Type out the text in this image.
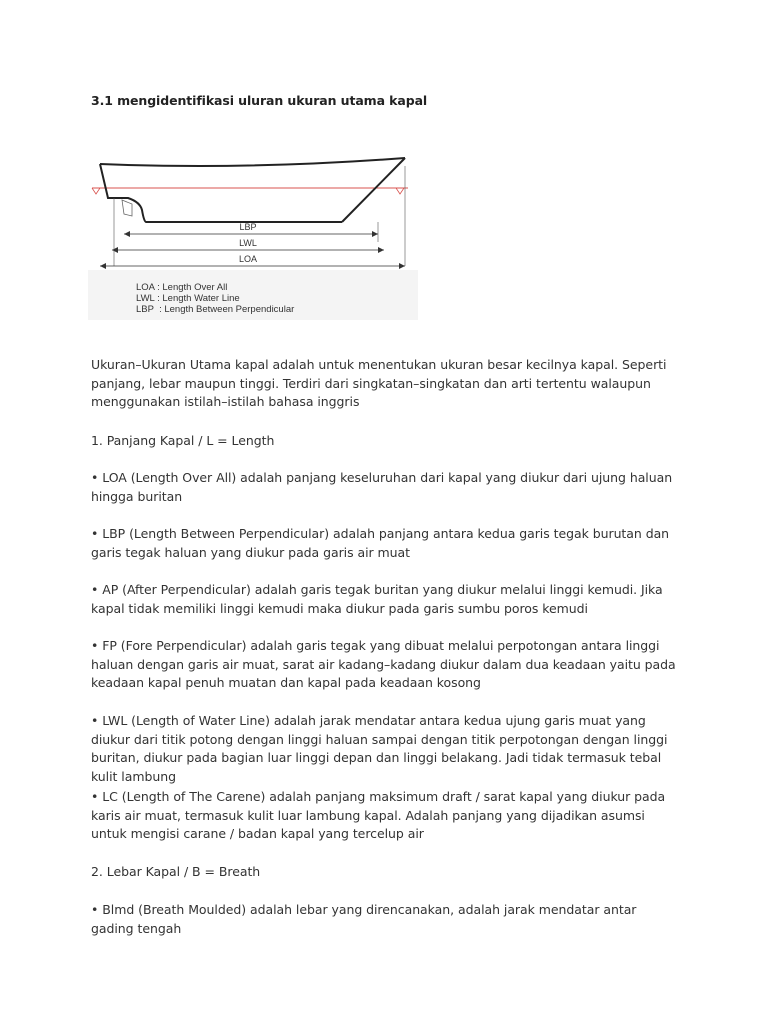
3.1 mengidentifikasi uluran ukuran utama kapal
LBP
LWL
LOA
LOA : Length Over All
LWL : Length Water Line
LBP  : Length Between Perpendicular
Ukuran–Ukuran Utama kapal adalah untuk menentukan ukuran besar kecilnya kapal. Seperti panjang, lebar maupun tinggi. Terdiri dari singkatan–singkatan dan arti tertentu walaupun menggunakan istilah–istilah bahasa inggris
1. Panjang Kapal / L = Length
• LOA (Length Over All) adalah panjang keseluruhan dari kapal yang diukur dari ujung haluan hingga buritan
• LBP (Length Between Perpendicular) adalah panjang antara kedua garis tegak burutan dan garis tegak haluan yang diukur pada garis air muat
• AP (After Perpendicular) adalah garis tegak buritan yang diukur melalui linggi kemudi. Jika kapal tidak memiliki linggi kemudi maka diukur pada garis sumbu poros kemudi
• FP (Fore Perpendicular) adalah garis tegak yang dibuat melalui perpotongan antara linggi haluan dengan garis air muat, sarat air kadang–kadang diukur dalam dua keadaan yaitu pada keadaan kapal penuh muatan dan kapal pada keadaan kosong
• LWL (Length of Water Line) adalah jarak mendatar antara kedua ujung garis muat yang diukur dari titik potong dengan linggi haluan sampai dengan titik perpotongan dengan linggi buritan, diukur pada bagian luar linggi depan dan linggi belakang. Jadi tidak termasuk tebal kulit lambung
• LC (Length of The Carene) adalah panjang maksimum draft / sarat kapal yang diukur pada karis air muat, termasuk kulit luar lambung kapal. Adalah panjang yang dijadikan asumsi untuk mengisi carane / badan kapal yang tercelup air
2. Lebar Kapal / B = Breath
• Blmd (Breath Moulded) adalah lebar yang direncanakan, adalah jarak mendatar antar gading tengah
